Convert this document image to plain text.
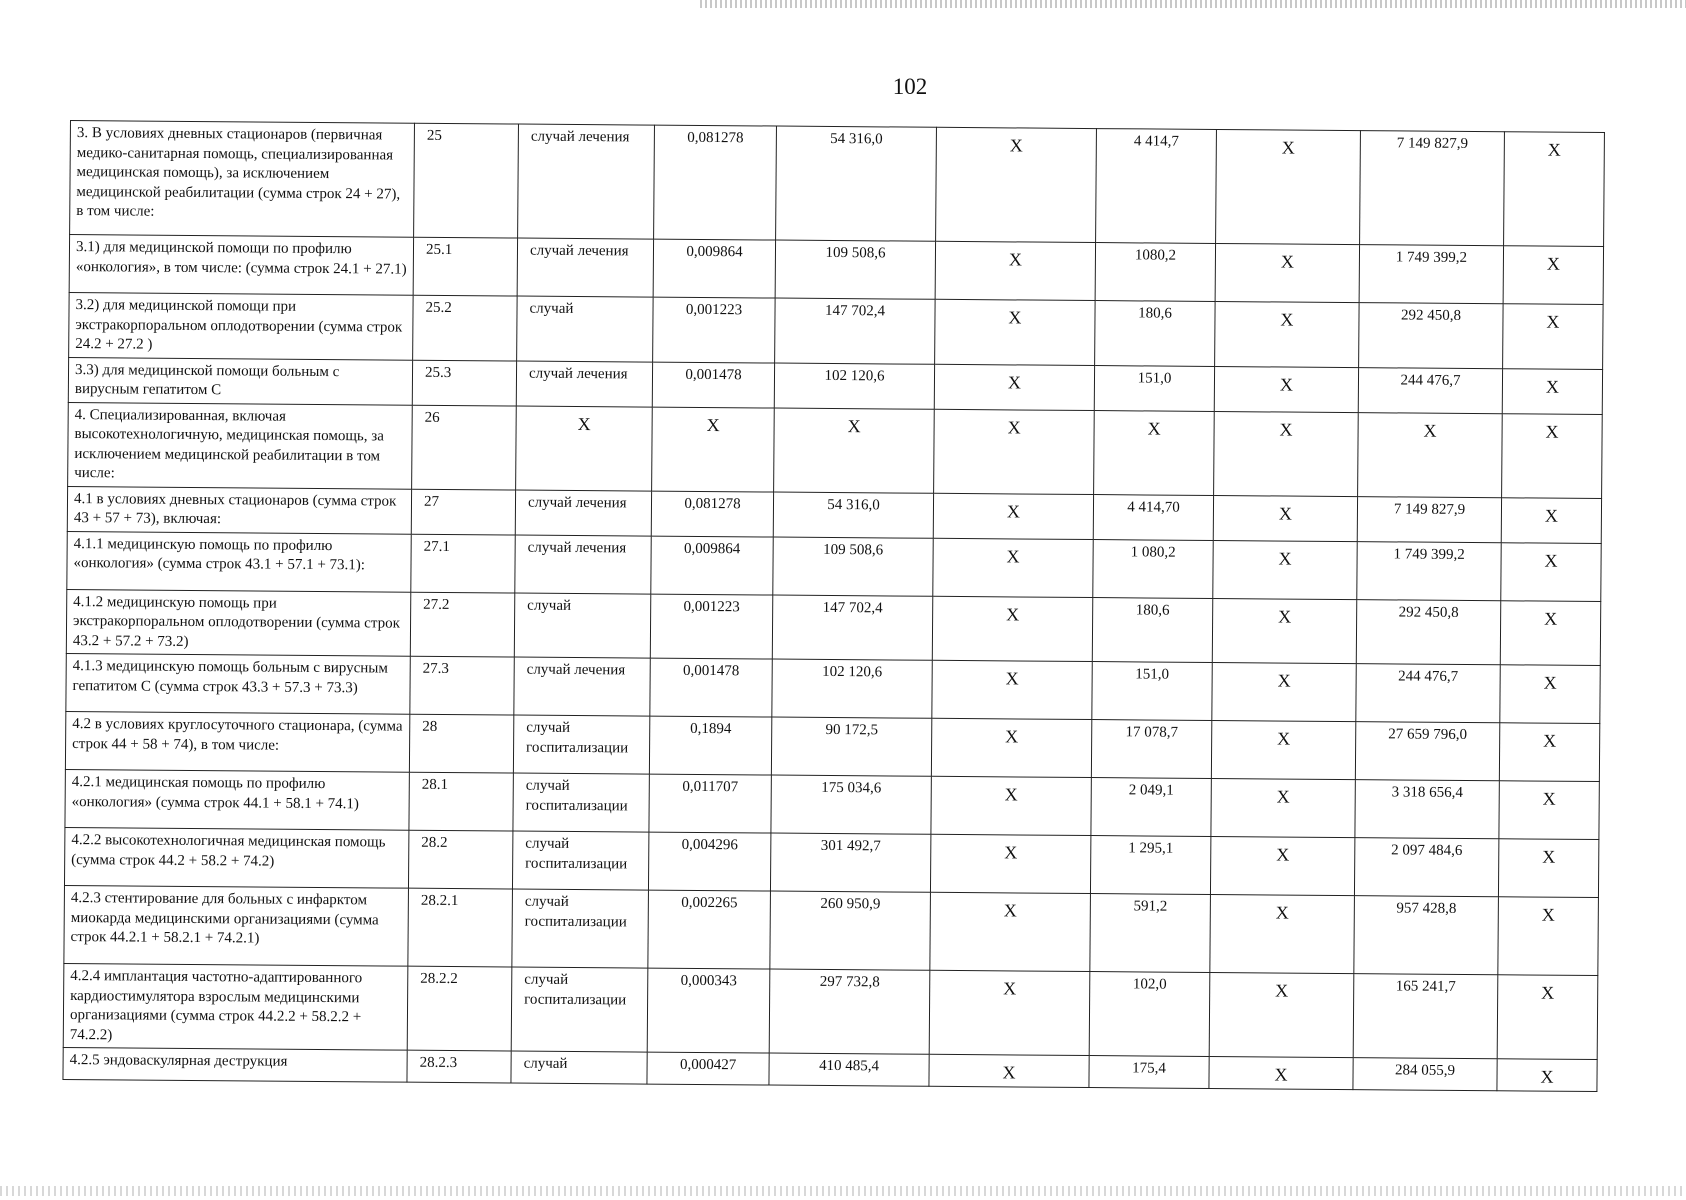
102
3. В условиях дневных стационаров (первичная медико-санитарная помощь, специализированная медицинская помощь), за исключением медицинской реабилитации (сумма строк 24 + 27), в том числе:	25	случай лечения	0,081278	54 316,0	X	4 414,7	X	7 149 827,9	X
3.1) для медицинской помощи по профилю «онкология», в том числе: (сумма строк 24.1 + 27.1)	25.1	случай лечения	0,009864	109 508,6	X	1080,2	X	1 749 399,2	X
3.2) для медицинской помощи при экстракорпоральном оплодотворении (сумма строк 24.2 + 27.2 )	25.2	случай	0,001223	147 702,4	X	180,6	X	292 450,8	X
3.3) для медицинской помощи больным с вирусным гепатитом С	25.3	случай лечения	0,001478	102 120,6	X	151,0	X	244 476,7	X
4. Специализированная, включая высокотехнологичную, медицинская помощь, за исключением медицинской реабилитации в том числе:	26	X	X	X	X	X	X	X	X
4.1 в условиях дневных стационаров (сумма строк 43 + 57 + 73), включая:	27	случай лечения	0,081278	54 316,0	X	4 414,70	X	7 149 827,9	X
4.1.1 медицинскую помощь по профилю «онкология» (сумма строк 43.1 + 57.1 + 73.1):	27.1	случай лечения	0,009864	109 508,6	X	1 080,2	X	1 749 399,2	X
4.1.2 медицинскую помощь при экстракорпоральном оплодотворении (сумма строк 43.2 + 57.2 + 73.2)	27.2	случай	0,001223	147 702,4	X	180,6	X	292 450,8	X
4.1.3 медицинскую помощь больным с вирусным гепатитом С (сумма строк 43.3 + 57.3 + 73.3)	27.3	случай лечения	0,001478	102 120,6	X	151,0	X	244 476,7	X
4.2 в условиях круглосуточного стационара, (сумма строк 44 + 58 + 74), в том числе:	28	случай госпитализации	0,1894	90 172,5	X	17 078,7	X	27 659 796,0	X
4.2.1 медицинская помощь по профилю «онкология» (сумма строк 44.1 + 58.1 + 74.1)	28.1	случай госпитализации	0,011707	175 034,6	X	2 049,1	X	3 318 656,4	X
4.2.2 высокотехнологичная медицинская помощь (сумма строк 44.2 + 58.2 + 74.2)	28.2	случай госпитализации	0,004296	301 492,7	X	1 295,1	X	2 097 484,6	X
4.2.3 стентирование для больных с инфарктом миокарда медицинскими организациями (сумма строк 44.2.1 + 58.2.1 + 74.2.1)	28.2.1	случай госпитализации	0,002265	260 950,9	X	591,2	X	957 428,8	X
4.2.4 имплантация частотно-адаптированного кардиостимулятора взрослым медицинскими организациями (сумма строк 44.2.2 + 58.2.2 + 74.2.2)	28.2.2	случай госпитализации	0,000343	297 732,8	X	102,0	X	165 241,7	X
4.2.5 эндоваскулярная деструкция	28.2.3	случай	0,000427	410 485,4	X	175,4	X	284 055,9	X
